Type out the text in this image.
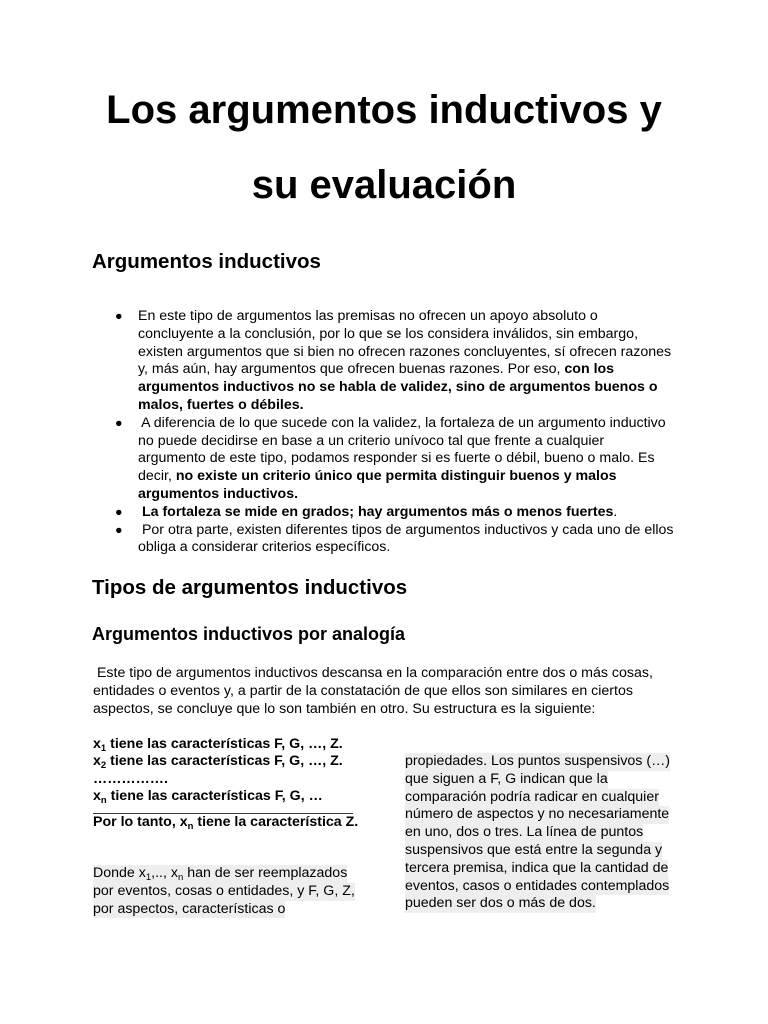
Los argumentos inductivos y
su evaluación
Argumentos inductivos
● En este tipo de argumentos las premisas no ofrecen un apoyo absoluto o
concluyente a la conclusión, por lo que se los considera inválidos, sin embargo,
existen argumentos que si bien no ofrecen razones concluyentes, sí ofrecen razones
y, más aún, hay argumentos que ofrecen buenas razones. Por eso, con los
argumentos inductivos no se habla de validez, sino de argumentos buenos o
malos, fuertes o débiles.
● A diferencia de lo que sucede con la validez, la fortaleza de un argumento inductivo
no puede decidirse en base a un criterio unívoco tal que frente a cualquier
argumento de este tipo, podamos responder si es fuerte o débil, bueno o malo. Es
decir, no existe un criterio único que permita distinguir buenos y malos
argumentos inductivos.
● La fortaleza se mide en grados; hay argumentos más o menos fuertes.
● Por otra parte, existen diferentes tipos de argumentos inductivos y cada uno de ellos
obliga a considerar criterios específicos.
Tipos de argumentos inductivos
Argumentos inductivos por analogía
Este tipo de argumentos inductivos descansa en la comparación entre dos o más cosas,
entidades o eventos y, a partir de la constatación de que ellos son similares en ciertos
aspectos, se concluye que lo son también en otro. Su estructura es la siguiente:
$x_1$ tiene las características F, G, …, Z.
$x_2$ tiene las características F, G, …, Z.
…………….
$x_n$ tiene las características F, G, …
Por lo tanto, $x_n$ tiene la característica Z.
Donde $x_1$,.., $x_n$ han de ser reemplazados
por eventos, cosas o entidades, y F, G, Z,
por aspectos, características o
propiedades. Los puntos suspensivos (…)
que siguen a F, G indican que la
comparación podría radicar en cualquier
número de aspectos y no necesariamente
en uno, dos o tres. La línea de puntos
suspensivos que está entre la segunda y
tercera premisa, indica que la cantidad de
eventos, casos o entidades contemplados
pueden ser dos o más de dos.
